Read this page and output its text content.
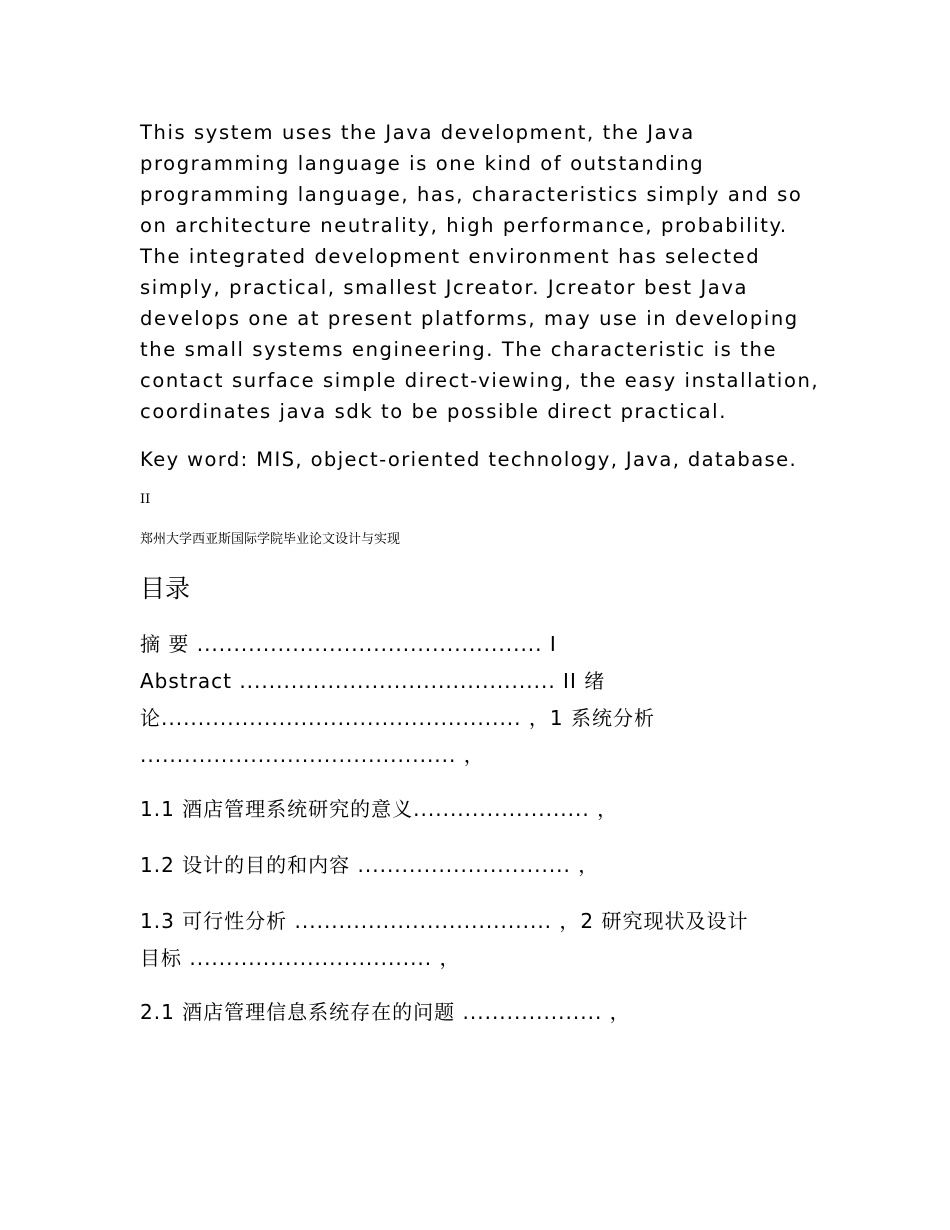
This system uses the Java development, the Java
programming language is one kind of outstanding
programming language, has, characteristics simply and so
on architecture neutrality, high performance, probability.
The integrated development environment has selected
simply, practical, smallest Jcreator. Jcreator best Java
develops one at present platforms, may use in developing
the small systems engineering. The characteristic is the
contact surface simple direct-viewing, the easy installation,
coordinates java sdk to be possible direct practical.
Key word: MIS, object-oriented technology, Java, database.
II
郑州大学西亚斯国际学院毕业论文设计与实现
目录
摘 要 ............................................... I
Abstract ........................................... II 绪
论................................................. ，1 系统分析
........................................... ，
1.1 酒店管理系统研究的意义........................ ，
1.2 设计的目的和内容 ............................. ，
1.3 可行性分析 ................................... ，2 研究现状及设计
目标 ................................. ，
2.1 酒店管理信息系统存在的问题 ................... ，
